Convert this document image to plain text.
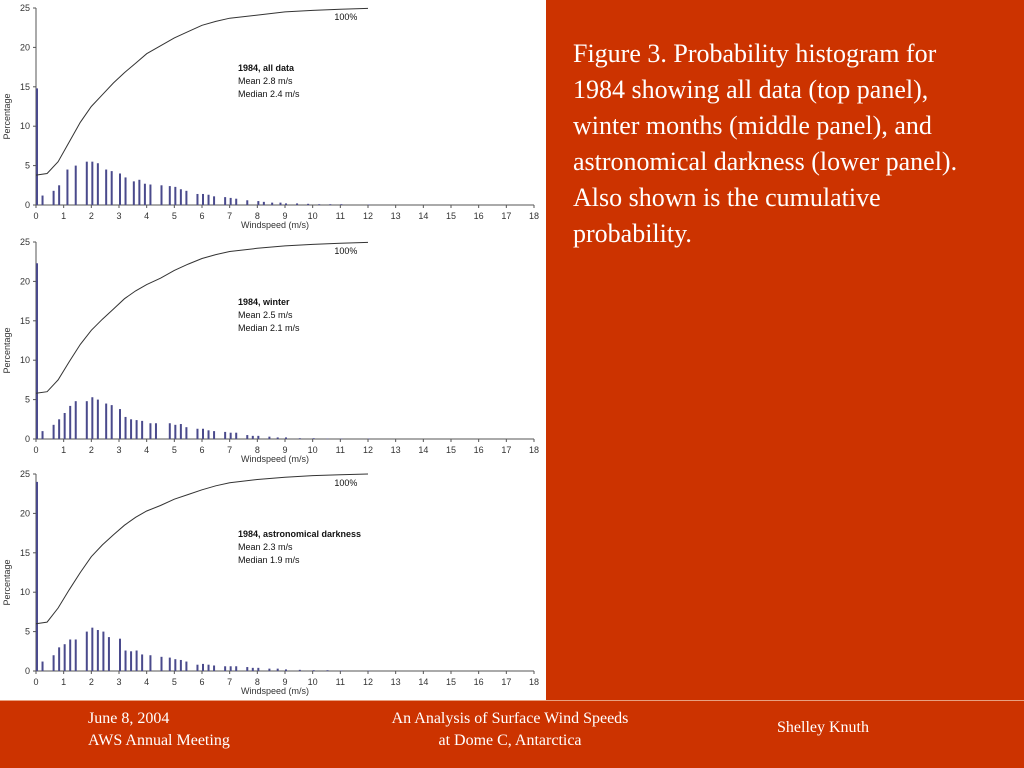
0
5
10
15
20
25
0	1	2	3	4	5	6	7	8	9 10 11 12 13 14 15 16 17 18
Windspeed (m/s)
Percentage
100%
1984, all data
Mean 2.8 m/s
Median 2.4 m/s
0
5
10
15
20
25
0	1	2	3	4	5	6	7	8	9 10 11 12 13 14 15 16 17 18
Windspeed (m/s)
Percentage
100%
1984, winter
Mean 2.5 m/s
Median 2.1 m/s
0
5
10
15
20
25
0	1	2	3	4	5	6	7	8	9 10 11 12 13 14 15 16 17 18
Windspeed (m/s)
Percentage
100%
1984, astronomical darkness
Mean 2.3 m/s
Median 1.9 m/s

Figure 3. Probability histogram for 1984 showing all data (top panel), winter months (middle panel), and astronomical darkness (lower panel). Also shown is the cumulative probability.

June 8, 2004
AWS Annual Meeting
An Analysis of Surface Wind Speeds
at Dome C, Antarctica
Shelley Knuth
